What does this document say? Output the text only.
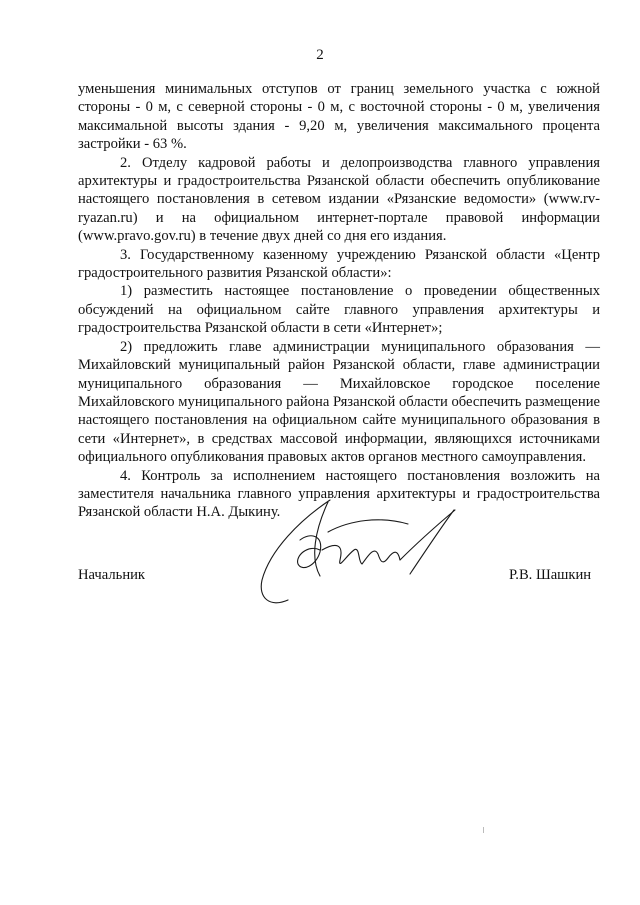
2

уменьшения минимальных отступов от границ земельного участка с южной стороны - 0 м, с северной стороны - 0 м, с восточной стороны - 0 м, увеличения максимальной высоты здания - 9,20 м, увеличения максимального процента застройки - 63 %.

2. Отделу кадровой работы и делопроизводства главного управления архитектуры и градостроительства Рязанской области обеспечить опубликование настоящего постановления в сетевом издании «Рязанские ведомости» (www.rv-ryazan.ru) и на официальном интернет-портале правовой информации (www.pravo.gov.ru) в течение двух дней со дня его издания.

3. Государственному казенному учреждению Рязанской области «Центр градостроительного развития Рязанской области»:

1) разместить настоящее постановление о проведении общественных обсуждений на официальном сайте главного управления архитектуры и градостроительства Рязанской области в сети «Интернет»;

2) предложить главе администрации муниципального образования — Михайловский муниципальный район Рязанской области, главе администрации муниципального образования — Михайловское городское поселение Михайловского муниципального района Рязанской области обеспечить размещение настоящего постановления на официальном сайте муниципального образования в сети «Интернет», в средствах массовой информации, являющихся источниками официального опубликования правовых актов органов местного самоуправления.

4. Контроль за исполнением настоящего постановления возложить на заместителя начальника главного управления архитектуры и градостроительства Рязанской области Н.А. Дыкину.

Начальник	Р.В. Шашкин
